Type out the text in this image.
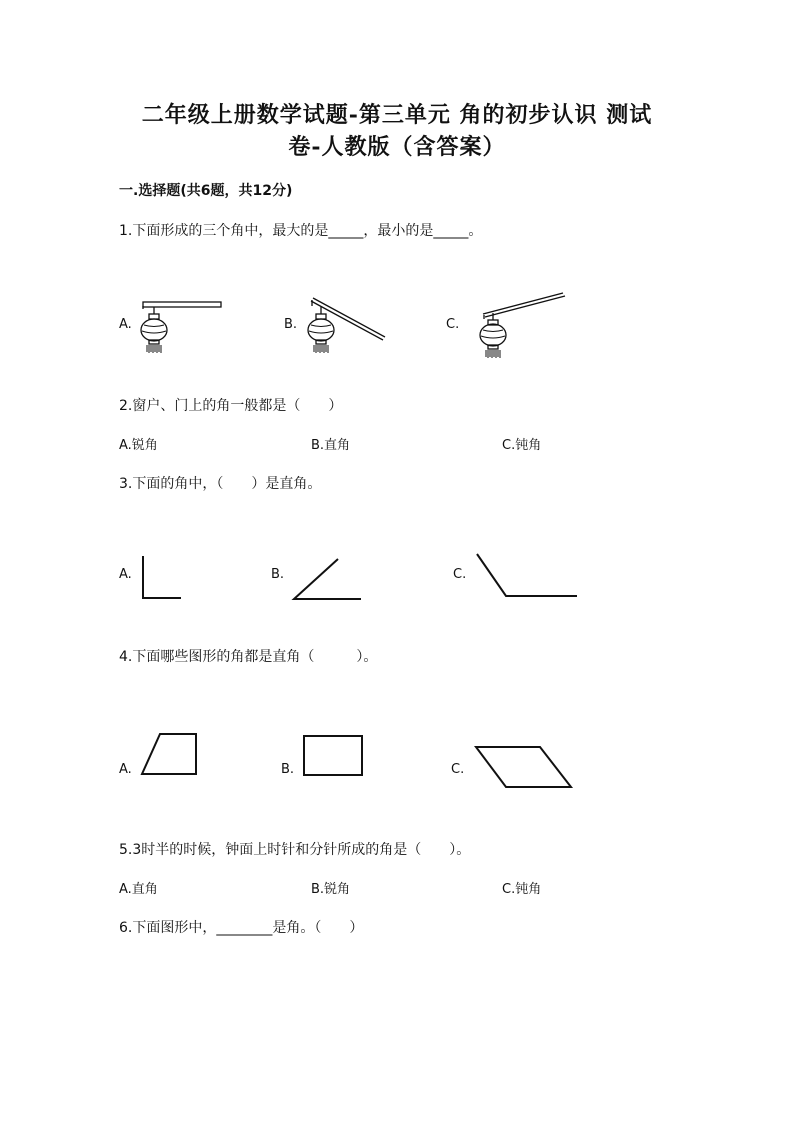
二年级上册数学试题-第三单元 角的初步认识 测试
卷-人教版（含答案）
一.选择题(共6题，共12分)
1.下面形成的三个角中，最大的是_____，最小的是_____。
A.	B.	C.
2.窗户、门上的角一般都是（　　）
A.锐角	B.直角	C.钝角
3.下面的角中，（　　）是直角。
A.	B.	C.
4.下面哪些图形的角都是直角（　　　）。
A.	B.	C.
5.3时半的时候，钟面上时针和分针所成的角是（　　）。
A.直角	B.锐角	C.钝角
6.下面图形中，________是角。（　　）
